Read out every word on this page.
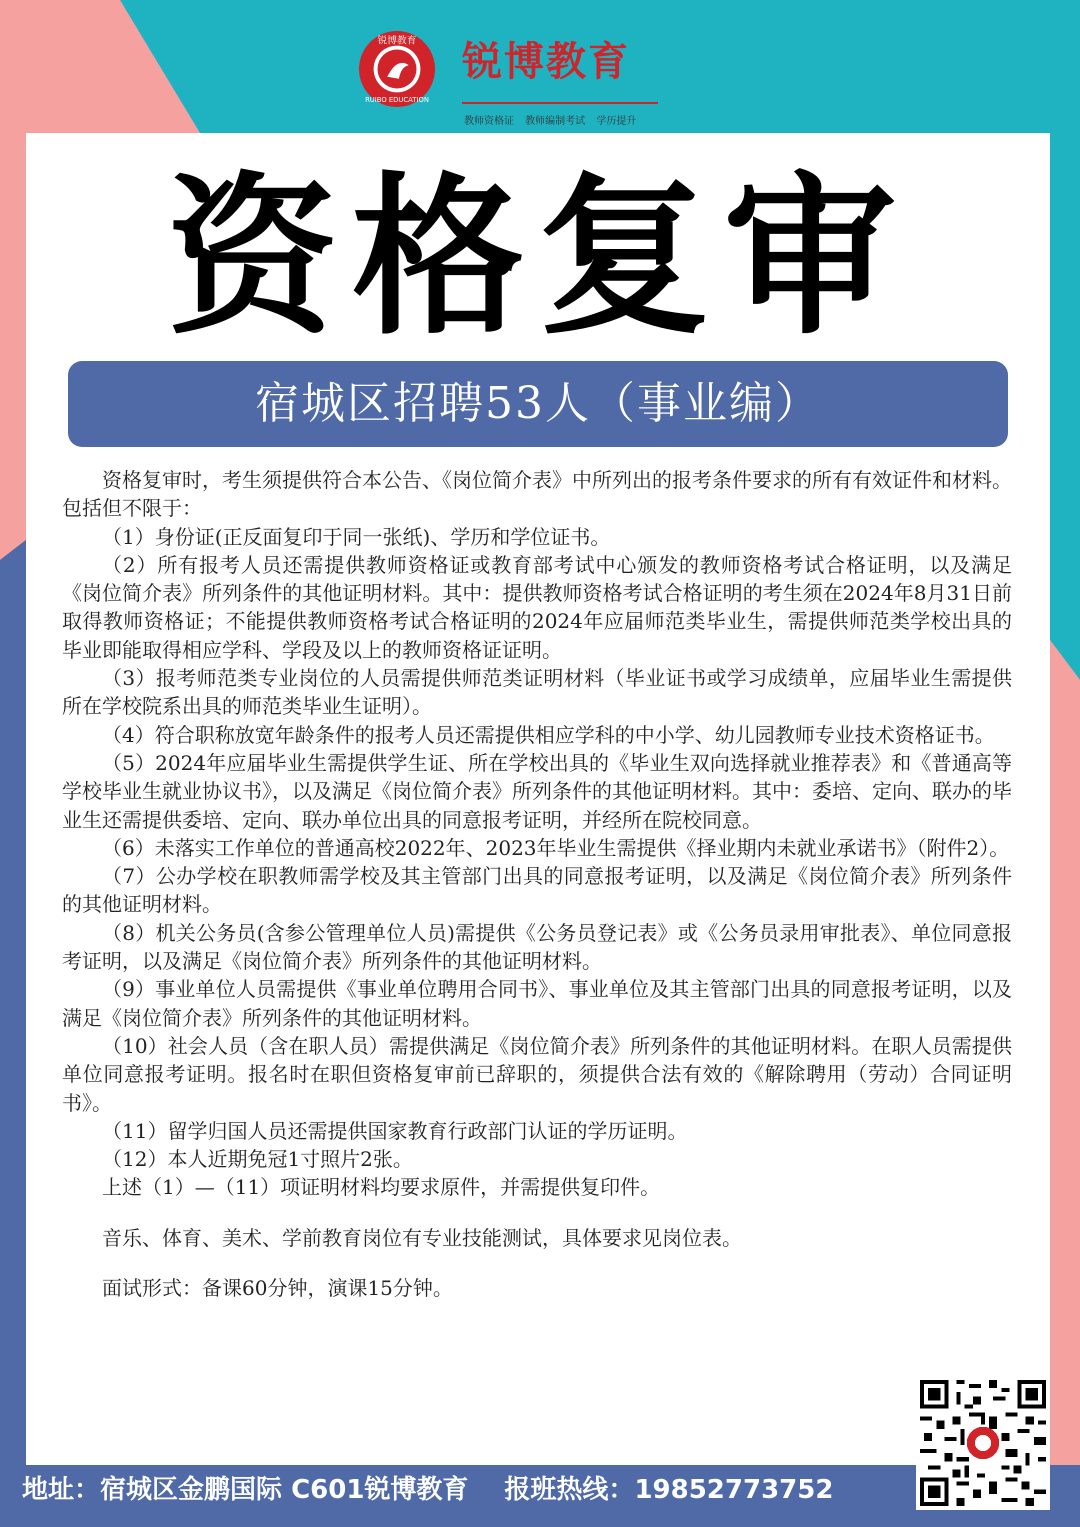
锐博教育
RUIBO EDUCATION
锐博教育
教师资格证 教师编制考试 学历提升
资格复审
宿城区招聘53人（事业编）

资格复审时，考生须提供符合本公告、《岗位简介表》中所列出的报考条件要求的所有有效证件和材料。包括但不限于：

（1）身份证(正反面复印于同一张纸)、学历和学位证书。

（2）所有报考人员还需提供教师资格证或教育部考试中心颁发的教师资格考试合格证明，以及满足《岗位简介表》所列条件的其他证明材料。其中：提供教师资格考试合格证明的考生须在2024年8月31日前取得教师资格证；不能提供教师资格考试合格证明的2024年应届师范类毕业生，需提供师范类学校出具的毕业即能取得相应学科、学段及以上的教师资格证证明。

（3）报考师范类专业岗位的人员需提供师范类证明材料（毕业证书或学习成绩单，应届毕业生需提供所在学校院系出具的师范类毕业生证明）。

（4）符合职称放宽年龄条件的报考人员还需提供相应学科的中小学、幼儿园教师专业技术资格证书。

（5）2024年应届毕业生需提供学生证、所在学校出具的《毕业生双向选择就业推荐表》和《普通高等学校毕业生就业协议书》，以及满足《岗位简介表》所列条件的其他证明材料。其中：委培、定向、联办的毕业生还需提供委培、定向、联办单位出具的同意报考证明，并经所在院校同意。

（6）未落实工作单位的普通高校2022年、2023年毕业生需提供《择业期内未就业承诺书》（附件2）。

（7）公办学校在职教师需学校及其主管部门出具的同意报考证明，以及满足《岗位简介表》所列条件的其他证明材料。

（8）机关公务员(含参公管理单位人员)需提供《公务员登记表》或《公务员录用审批表》、单位同意报考证明，以及满足《岗位简介表》所列条件的其他证明材料。

（9）事业单位人员需提供《事业单位聘用合同书》、事业单位及其主管部门出具的同意报考证明，以及满足《岗位简介表》所列条件的其他证明材料。

（10）社会人员（含在职人员）需提供满足《岗位简介表》所列条件的其他证明材料。在职人员需提供单位同意报考证明。报名时在职但资格复审前已辞职的，须提供合法有效的《解除聘用（劳动）合同证明书》。

（11）留学归国人员还需提供国家教育行政部门认证的学历证明。

（12）本人近期免冠1寸照片2张。

上述（1）—（11）项证明材料均要求原件，并需提供复印件。

音乐、体育、美术、学前教育岗位有专业技能测试，具体要求见岗位表。

面试形式：备课60分钟，演课15分钟。

地址：宿城区金鹏国际 C601锐博教育 报班热线：19852773752
